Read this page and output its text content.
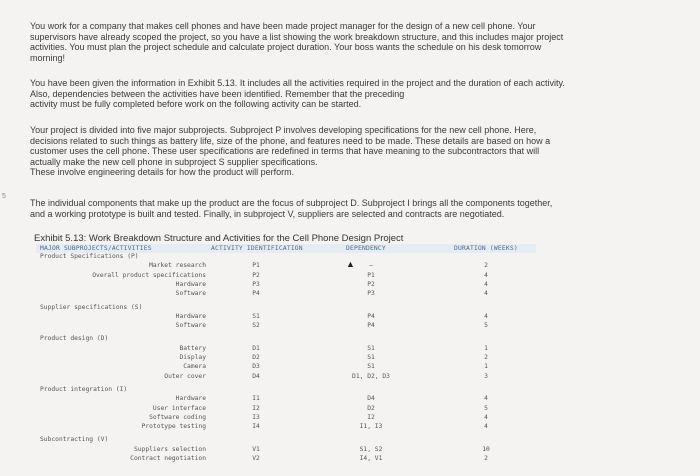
You work for a company that makes cell phones and have been made project manager for the design of a new cell phone. Your

supervisors have already scoped the project, so you have a list showing the work breakdown structure, and this includes major project

activities. You must plan the project schedule and calculate project duration. Your boss wants the schedule on his desk tomorrow

morning!

You have been given the information in Exhibit 5.13. It includes all the activities required in the project and the duration of each activity.

Also, dependencies between the activities have been identified. Remember that the preceding

activity must be fully completed before work on the following activity can be started.

Your project is divided into five major subprojects. Subproject P involves developing specifications for the new cell phone. Here,

decisions related to such things as battery life, size of the phone, and features need to be made. These details are based on how a

customer uses the cell phone. These user specifications are redefined in terms that have meaning to the subcontractors that will

actually make the new cell phone in subproject S supplier specifications.

These involve engineering details for how the product will perform.

The individual components that make up the product are the focus of subproject D. Subproject I brings all the components together,

and a working prototype is built and tested. Finally, in subproject V, suppliers are selected and contracts are negotiated.

5
Exhibit 5.13: Work Breakdown Structure and Activities for the Cell Phone Design Project
MAJOR SUBPROJECTS/ACTIVITIES	ACTIVITY IDENTIFICATION	DEPENDENCY	DURATION (WEEKS)
Product Specifications (P)
Market research	P1	–	2
Overall product specifications	P2	P1	4
Hardware	P3	P2	4
Software	P4	P3	4
Supplier specifications (S)
Hardware	S1	P4	4
Software	S2	P4	5
Product design (D)
Battery	D1	S1	1
Display	D2	S1	2
Camera	D3	S1	1
Outer cover	D4	D1, D2, D3	3
Product integration (I)
Hardware	I1	D4	4
User interface	I2	D2	5
Software coding	I3	I2	4
Prototype testing	I4	I1, I3	4
Subcontracting (V)
Suppliers selection	V1	S1, S2	10
Contract negotiation	V2	I4, V1	2
▲
